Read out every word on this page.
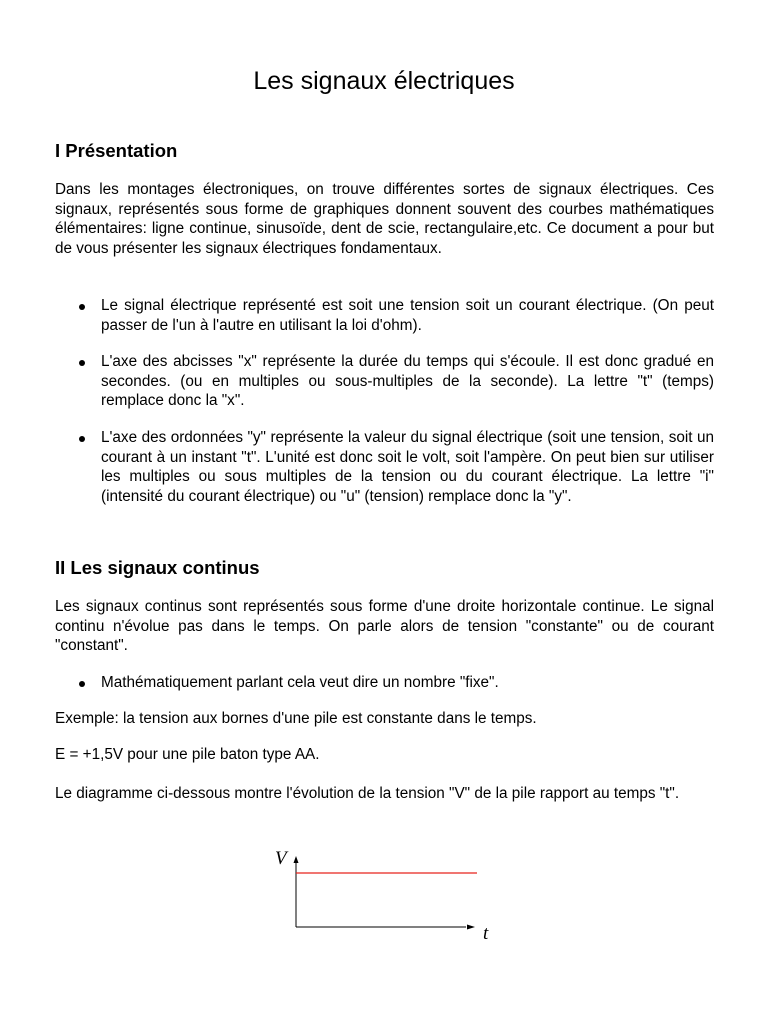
Les signaux électriques
I Présentation

Dans les montages électroniques, on trouve différentes sortes de signaux électriques. Ces signaux, représentés sous forme de graphiques donnent souvent des courbes mathématiques élémentaires: ligne continue, sinusoïde, dent de scie, rectangulaire,etc. Ce document a pour but de vous présenter les signaux électriques fondamentaux.

Le signal électrique représenté est soit une tension soit un courant électrique. (On peut passer de l'un à l'autre en utilisant la loi d'ohm).
L'axe des abcisses "x" représente la durée du temps qui s'écoule. Il est donc gradué en secondes. (ou en multiples ou sous-multiples de la seconde). La lettre "t" (temps) remplace donc la "x".
L'axe des ordonnées "y" représente la valeur du signal électrique (soit une tension, soit un courant à un instant "t". L'unité est donc soit le volt, soit l'ampère. On peut bien sur utiliser les multiples ou sous multiples de la tension ou du courant électrique. La lettre "i" (intensité du courant électrique) ou "u" (tension) remplace donc la "y".
II Les signaux continus

Les signaux continus sont représentés sous forme d'une droite horizontale continue. Le signal continu n'évolue pas dans le temps. On parle alors de tension "constante" ou de courant "constant".

Mathématiquement parlant cela veut dire un nombre "fixe".

Exemple: la tension aux bornes d'une pile est constante dans le temps.

E = +1,5V pour une pile baton type AA.

Le diagramme ci-dessous montre l'évolution de la tension "V" de la pile rapport au temps "t".

V
t
